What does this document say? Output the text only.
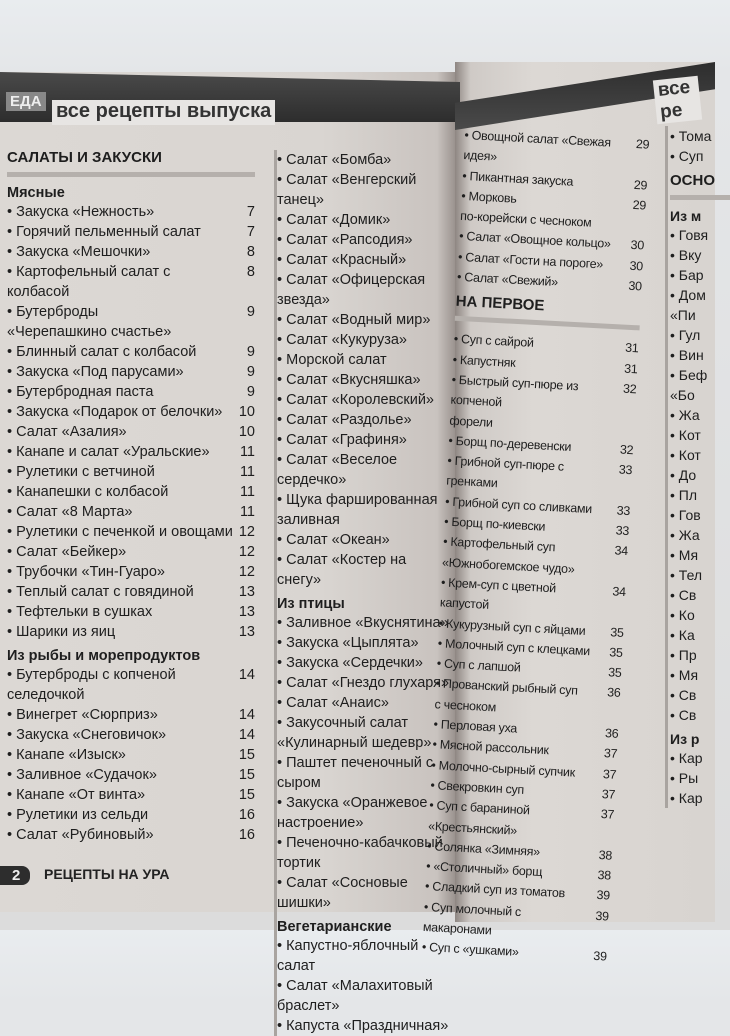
ЕДА все рецепты выпуска
все ре
САЛАТЫ И ЗАКУСКИ
Мясные
• Закуска «Нежность»	7
• Горячий пельменный салат	7
• Закуска «Мешочки»	8
• Картофельный салат с колбасой
8
• Бутерброды
«Черепашкино счастье»
9
• Блинный салат с колбасой	9
• Закуска «Под парусами»	9
• Бутербродная паста	9
• Закуска «Подарок от белочки»	10
• Салат «Азалия»	10
• Канапе и салат «Уральские»	11
• Рулетики с ветчиной	11
• Канапешки с колбасой	11
• Салат «8 Марта»	11
• Рулетики с печенкой и овощами 12
• Салат «Бейкер»	12
• Трубочки «Тин-Гуаро»	12
• Теплый салат с говядиной	13
• Тефтельки в сушках	13
• Шарики из яиц	13
Из рыбы и морепродуктов
• Бутерброды с копченой
селедочкой
14
• Винегрет «Сюрприз»	14
• Закуска «Снеговичок»	14
• Канапе «Изыск»	15
• Заливное «Судачок»	15
• Канапе «От винта»	15
• Рулетики из сельди	16
• Салат «Рубиновый»	16
• Салат «Бомба»
• Салат «Венгерский танец»
• Салат «Домик»
• Салат «Рапсодия»
• Салат «Красный»
• Салат «Офицерская звезда»
• Салат «Водный мир»
• Салат «Кукуруза»
• Морской салат
• Салат «Вкусняшка»
• Салат «Королевский»
• Салат «Раздолье»
• Салат «Графиня»
• Салат «Веселое сердечко»
• Щука фаршированная заливная
• Салат «Океан»
• Салат «Костер на снегу»
Из птицы
• Заливное «Вкуснятина»
• Закуска «Цыплята»
• Закуска «Сердечки»
• Салат «Гнездо глухаря»
• Салат «Анаис»
• Закусочный салат
«Кулинарный шедевр»
• Паштет печеночный с сыром
• Закуска «Оранжевое
настроение»
• Печеночно-кабачковый тортик
• Салат «Сосновые шишки»
Вегетарианские
• Капустно-яблочный салат
• Салат «Малахитовый браслет»
• Капуста «Праздничная»
• Овощной салат «Свежая идея»
29
• Пикантная закуска	29
• Морковь
по-корейски с чесноком
29
• Салат «Овощное кольцо»	30
• Салат «Гости на пороге»	30
• Салат «Свежий»	30
НА ПЕРВОЕ
• Суп с сайрой	31
• Капустняк	31
• Быстрый суп-пюре из копченой
форели
32
• Борщ по-деревенски	32
• Грибной суп-пюре с гренками
33
• Грибной суп со сливками	33
• Борщ по-киевски	33
• Картофельный суп
«Южнобогемское чудо»
34
• Крем-суп с цветной капустой
34
• Кукурузный суп с яйцами	35
• Молочный суп с клецками	35
• Суп с лапшой	35
• Прованский рыбный суп
с чесноком
36
• Перловая уха	36
• Мясной рассольник	37
• Молочно-сырный супчик	37
• Свекровкин суп	37
• Суп с бараниной «Крестьянский»
37
• Солянка «Зимняя»	38
• «Столичный» борщ	38
• Сладкий суп из томатов	39
• Суп молочный с макаронами
39
• Суп с «ушками»	39
• Тома
• Суп
ОСНО
Из м
• Говя
• Вку
• Бар
• Дом
«Пи
• Гул
• Вин
• Беф
«Бо
• Жа
• Кот
• Кот
• До
• Пл
• Гов
• Жа
• Мя
• Тел
• Св
• Ко
• Ка
• Пр
• Мя
• Св
• Св
Из р
• Кар
• Ры
• Кар
2	РЕЦЕПТЫ НА УРА
